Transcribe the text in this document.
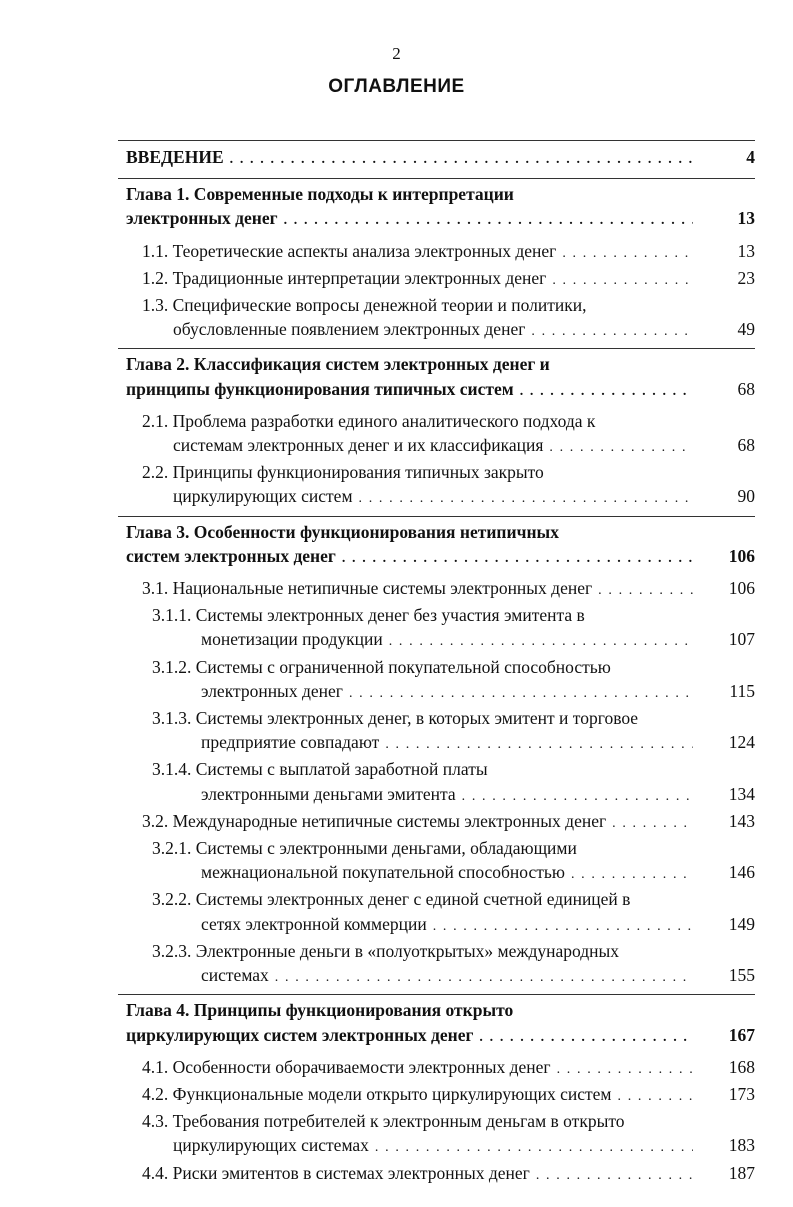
2
ОГЛАВЛЕНИЕ
ВВЕДЕНИЕ . . .	4
Глава 1. Современные подходы к интерпретации
электронных денег . . .	13
1.1. Теоретические аспекты анализа электронных денег . . .	13
1.2. Традиционные интерпретации электронных денег . . .	23
1.3. Специфические вопросы денежной теории и политики,
обусловленные появлением электронных денег . . .	49
Глава 2. Классификация систем электронных денег и
принципы функционирования типичных систем . . .	68
2.1. Проблема разработки единого аналитического подхода к
системам электронных денег и их классификация . . .	68
2.2. Принципы функционирования типичных закрыто
циркулирующих систем . . .	90
Глава 3. Особенности функционирования нетипичных
систем электронных денег . . .	106
3.1. Национальные нетипичные системы электронных денег . . .	106
3.1.1. Системы электронных денег без участия эмитента в
монетизации продукции . . .	107
3.1.2. Системы с ограниченной покупательной способностью
электронных денег . . .	115
3.1.3. Системы электронных денег, в которых эмитент и торговое
предприятие совпадают . . .	124
3.1.4. Системы с выплатой заработной платы
электронными деньгами эмитента . . .	134
3.2. Международные нетипичные системы электронных денег . . .	143
3.2.1. Системы с электронными деньгами, обладающими
межнациональной покупательной способностью . . .	146
3.2.2. Системы электронных денег с единой счетной единицей в
сетях электронной коммерции . . .	149
3.2.3. Электронные деньги в «полуоткрытых» международных
системах . . .	155
Глава 4. Принципы функционирования открыто
циркулирующих систем электронных денег . . .	167
4.1. Особенности оборачиваемости электронных денег . . .	168
4.2. Функциональные модели открыто циркулирующих систем . . .	173
4.3. Требования потребителей к электронным деньгам в открыто
циркулирующих системах . . .	183
4.4. Риски эмитентов в системах электронных денег . . .	187
